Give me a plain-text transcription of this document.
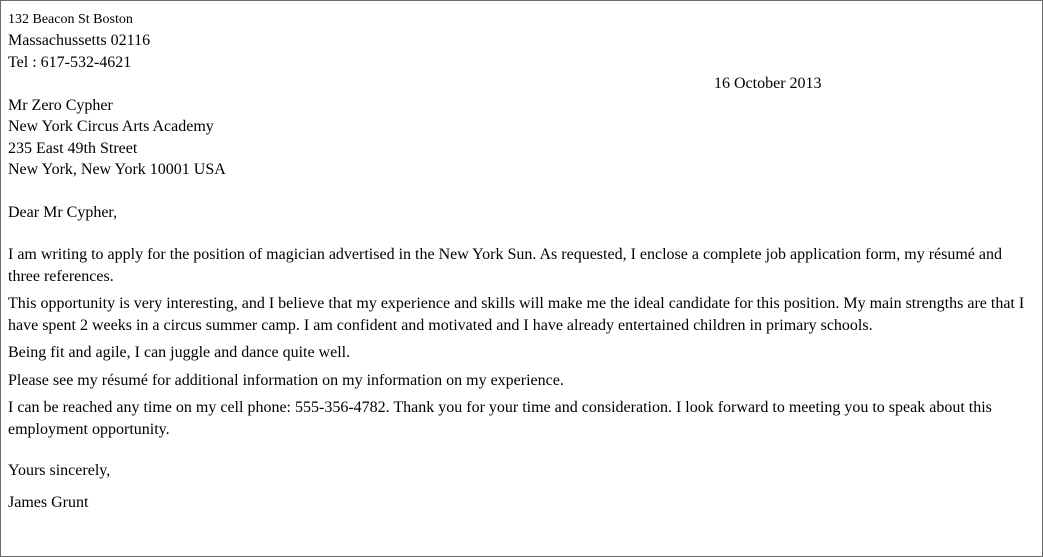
132 Beacon St Boston
Massachussetts 02116
Tel : 617-532-4621
16 October 2013
Mr Zero Cypher
New York Circus Arts Academy
235 East 49th Street
New York, New York 10001 USA
Dear Mr Cypher,
I am writing to apply for the position of magician advertised in the New York Sun. As requested, I enclose a complete job application form, my résumé and three references.
This opportunity is very interesting, and I believe that my experience and skills will make me the ideal candidate for this position. My main strengths are that I have spent 2 weeks in a circus summer camp. I am confident and motivated and I have already entertained children in primary schools.
Being fit and agile, I can juggle and dance quite well.
Please see my résumé for additional information on my information on my experience.
I can be reached any time on my cell phone: 555-356-4782. Thank you for your time and consideration. I look forward to meeting you to speak about this employment opportunity.
Yours sincerely,
James Grunt
